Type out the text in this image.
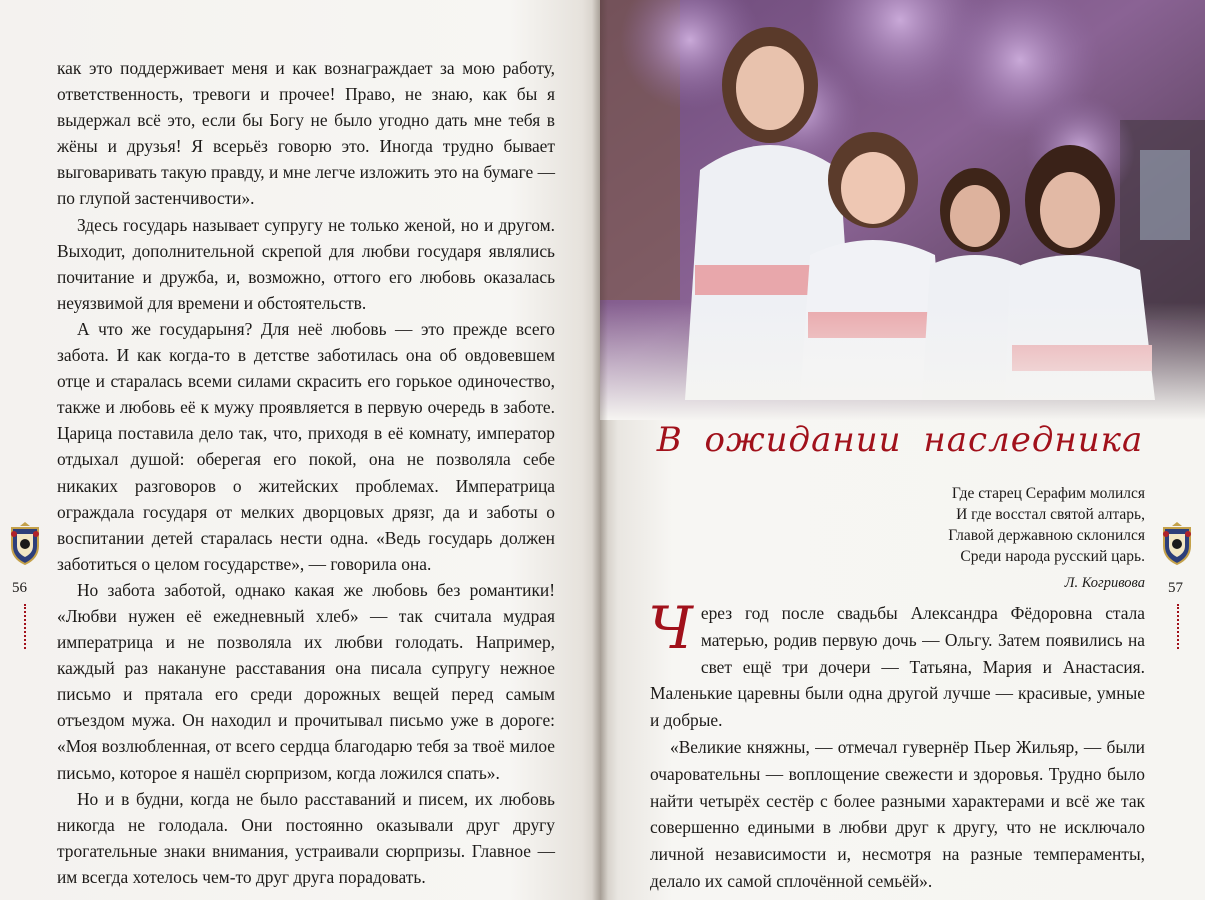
как это поддерживает меня и как вознаграждает за мою работу, ответственность, тревоги и прочее! Право, не знаю, как бы я выдержал всё это, если бы Богу не было угодно дать мне тебя в жёны и друзья! Я всерьёз говорю это. Иногда трудно бывает выговаривать такую правду, и мне легче изложить это на бумаге — по глупой застенчивости».

Здесь государь называет супругу не только женой, но и другом. Выходит, дополнительной скрепой для любви государя являлись почитание и дружба, и, возможно, оттого его любовь оказалась неуязвимой для времени и обстоятельств.

А что же государыня? Для неё любовь — это прежде всего забота. И как когда-то в детстве заботилась она об овдовевшем отце и старалась всеми силами скрасить его горькое одиночество, также и любовь её к мужу проявляется в первую очередь в заботе. Царица поставила дело так, что, приходя в её комнату, император отдыхал душой: оберегая его покой, она не позволяла себе никаких разговоров о житейских проблемах. Императрица ограждала государя от мелких дворцовых дрязг, да и заботы о воспитании детей старалась нести одна. «Ведь государь должен заботиться о целом государстве», — говорила она.

Но забота заботой, однако какая же любовь без романтики! «Любви нужен её ежедневный хлеб» — так считала мудрая императрица и не позволяла их любви голодать. Например, каждый раз накануне расставания она писала супругу нежное письмо и прятала его среди дорожных вещей перед самым отъездом мужа. Он находил и прочитывал письмо уже в дороге: «Моя возлюбленная, от всего сердца благодарю тебя за твоё милое письмо, которое я нашёл сюрпризом, когда ложился спать».

Но и в будни, когда не было расставаний и писем, их любовь никогда не голодала. Они постоянно оказывали друг другу трогательные знаки внимания, устраивали сюрпризы. Главное — им всегда хотелось чем-то друг друга порадовать.

В ожидании наследника
Где старец Серафим молился
И где восстал святой алтарь,
Главой державною склонился
Среди народа русский царь.
Л. Когривова
Ч ерез год после свадьбы Александра Фёдоровна стала матерью, родив первую дочь — Ольгу. Затем появились на свет ещё три дочери — Татьяна, Мария и Анастасия. Маленькие царевны были одна другой лучше — красивые, умные и добрые.

«Великие княжны, — отмечал гувернёр Пьер Жильяр, — были очаровательны — воплощение свежести и здоровья. Трудно было найти четырёх сестёр с более разными характерами и всё же так совершенно едиными в любви друг к другу, что не исключало личной независимости и, несмотря на разные темпераменты, делало их самой сплочённой семьёй».

56	57
